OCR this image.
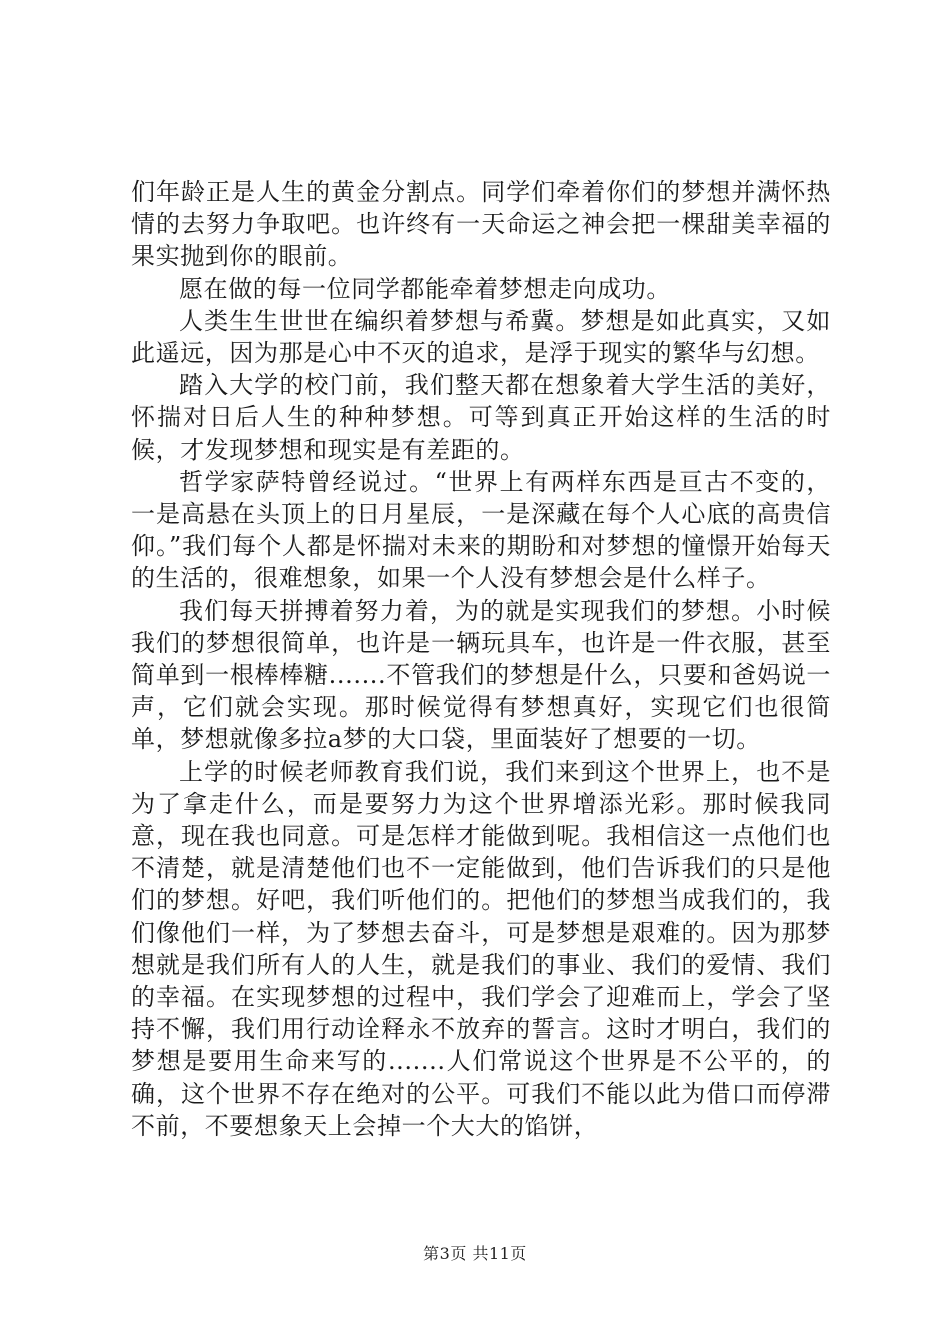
们年龄正是人生的黄金分割点。同学们牵着你们的梦想并满怀热情的去努力争取吧。也许终有一天命运之神会把一棵甜美幸福的果实抛到你的眼前。

愿在做的每一位同学都能牵着梦想走向成功。

人类生生世世在编织着梦想与希冀。梦想是如此真实，又如此遥远，因为那是心中不灭的追求，是浮于现实的繁华与幻想。

踏入大学的校门前，我们整天都在想象着大学生活的美好，怀揣对日后人生的种种梦想。可等到真正开始这样的生活的时候，才发现梦想和现实是有差距的。

哲学家萨特曾经说过。“世界上有两样东西是亘古不变的，一是高悬在头顶上的日月星辰，一是深藏在每个人心底的高贵信仰。”我们每个人都是怀揣对未来的期盼和对梦想的憧憬开始每天的生活的，很难想象，如果一个人没有梦想会是什么样子。

我们每天拼搏着努力着，为的就是实现我们的梦想。小时候我们的梦想很简单，也许是一辆玩具车，也许是一件衣服，甚至简单到一根棒棒糖.......不管我们的梦想是什么，只要和爸妈说一声，它们就会实现。那时候觉得有梦想真好，实现它们也很简单，梦想就像多拉a梦的大口袋，里面装好了想要的一切。

上学的时候老师教育我们说，我们来到这个世界上，也不是为了拿走什么，而是要努力为这个世界增添光彩。那时候我同意，现在我也同意。可是怎样才能做到呢。我相信这一点他们也不清楚，就是清楚他们也不一定能做到，他们告诉我们的只是他们的梦想。好吧，我们听他们的。把他们的梦想当成我们的，我们像他们一样，为了梦想去奋斗，可是梦想是艰难的。因为那梦想就是我们所有人的人生，就是我们的事业、我们的爱情、我们的幸福。在实现梦想的过程中，我们学会了迎难而上，学会了坚持不懈，我们用行动诠释永不放弃的誓言。这时才明白，我们的梦想是要用生命来写的.......人们常说这个世界是不公平的，的确，这个世界不存在绝对的公平。可我们不能以此为借口而停滞不前，不要想象天上会掉一个大大的馅饼，

第3页 共11页
